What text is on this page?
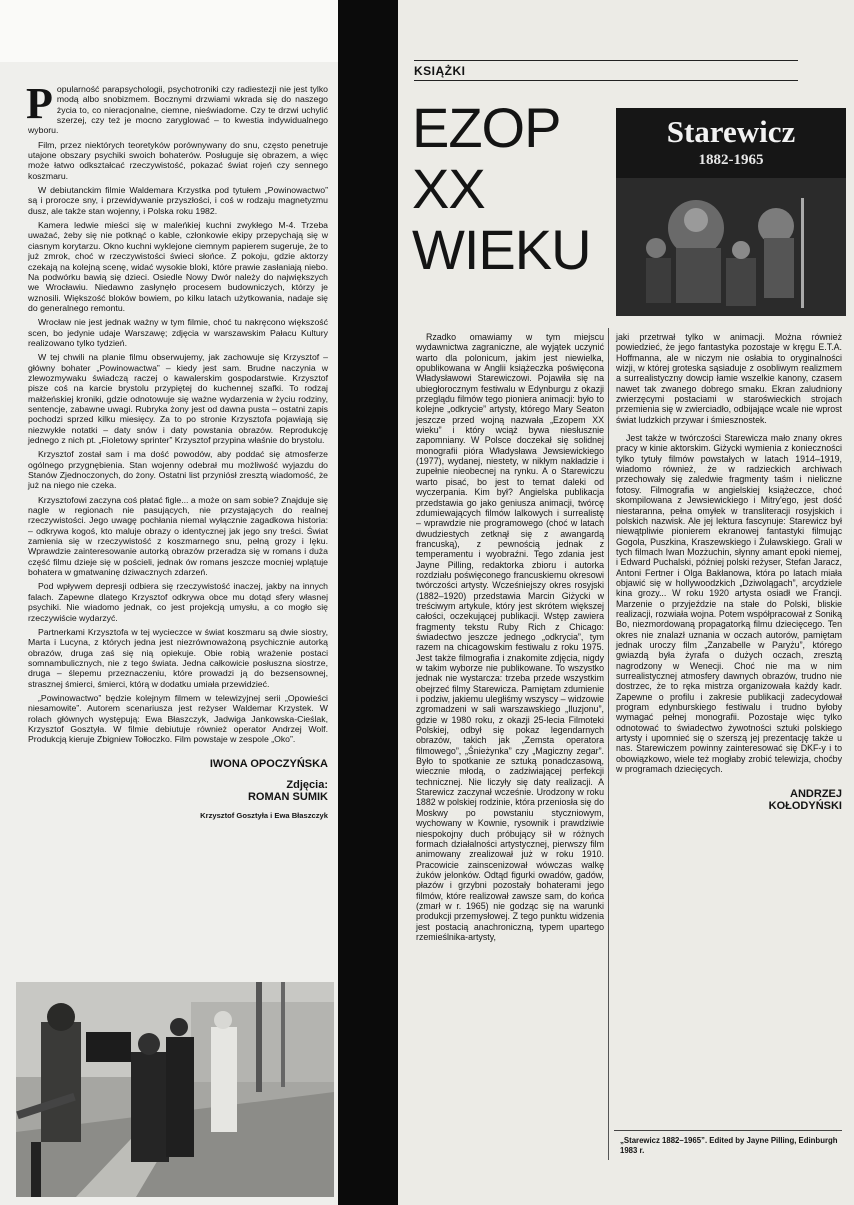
Popularność parapsychologii, psychotroniki czy radiestezji nie jest tylko modą albo snobizmem. Bocznymi drzwiami wkrada się do naszego życia to, co nieracjonalne, ciemne, nieświadome. Czy te drzwi uchylić szerzej, czy też je mocno zaryglować – to kwestia indywidualnego wyboru.

Film, przez niektórych teoretyków porównywany do snu, często penetruje utajone obszary psychiki swoich bohaterów. Posługuje się obrazem, a więc może łatwo odkształcać rzeczywistość, pokazać świat rojeń czy sennego koszmaru.

W debiutanckim filmie Waldemara Krzystka pod tytułem „Powinowactwo” są i prorocze sny, i przewidywanie przyszłości, i coś w rodzaju magnetyzmu dusz, ale także stan wojenny, i Polska roku 1982.

Kamera ledwie mieści się w maleńkiej kuchni zwykłego M-4. Trzeba uważać, żeby się nie potknąć o kable, członkowie ekipy przepychają się w ciasnym korytarzu. Okno kuchni wyklejone ciemnym papierem sugeruje, że to już zmrok, choć w rzeczywistości świeci słońce. Z pokoju, gdzie aktorzy czekają na kolejną scenę, widać wysokie bloki, które prawie zasłaniają niebo. Na podwórku bawią się dzieci. Osiedle Nowy Dwór należy do największych we Wrocławiu. Niedawno zasłynęło procesem budowniczych, którzy je wznosili. Większość bloków bowiem, po kilku latach użytkowania, nadaje się do generalnego remontu.

Wrocław nie jest jednak ważny w tym filmie, choć tu nakręcono większość scen, bo jedynie udaje Warszawę; zdjęcia w warszawskim Pałacu Kultury realizowano tylko tydzień.

W tej chwili na planie filmu obserwujemy, jak zachowuje się Krzysztof – główny bohater „Powinowactwa” – kiedy jest sam. Brudne naczynia w zlewozmywaku świadczą raczej o kawalerskim gospodarstwie. Krzysztof pisze coś na karcie brystolu przypiętej do kuchennej szafki. To rodzaj małżeńskiej kroniki, gdzie odnotowuje się ważne wydarzenia w życiu rodziny, sentencje, zabawne uwagi. Rubryka żony jest od dawna pusta – ostatni zapis pochodzi sprzed kilku miesięcy. Za to po stronie Krzysztofa pojawiają się niezwykłe notatki – daty snów i daty powstania obrazów. Reprodukcję jednego z nich pt. „Fioletowy sprinter” Krzysztof przypina właśnie do brystolu.

Krzysztof został sam i ma dość powodów, aby poddać się atmosferze ogólnego przygnębienia. Stan wojenny odebrał mu możliwość wyjazdu do Stanów Zjednoczonych, do żony. Ostatni list przyniósł zresztą wiadomość, że już na niego nie czeka.

Krzysztofowi zaczyna coś płatać figle... a może on sam sobie? Znajduje się nagle w regionach nie pasujących, nie przystających do realnej rzeczywistości. Jego uwagę pochłania niemal wyłącznie zagadkowa historia: – odkrywa kogoś, kto maluje obrazy o identycznej jak jego sny treści. Świat zamienia się w rzeczywistość z koszmarnego snu, pełną grozy i lęku. Wprawdzie zainteresowanie autorką obrazów przeradza się w romans i duża część filmu dzieje się w pościeli, jednak ów romans jeszcze mocniej wplątuje bohatera w gmatwaninę dziwacznych zdarzeń.

Pod wpływem depresji odbiera się rzeczywistość inaczej, jakby na innych falach. Zapewne dlatego Krzysztof odkrywa obce mu dotąd sfery własnej psychiki. Nie wiadomo jednak, co jest projekcją umysłu, a co mogło się rzeczywiście wydarzyć.

Partnerkami Krzysztofa w tej wycieczce w świat koszmaru są dwie siostry, Marta i Lucyna, z których jedna jest niezrównoważoną psychicznie autorką obrazów, druga zaś się nią opiekuje. Obie robią wrażenie postaci somnambulicznych, nie z tego świata. Jedna całkowicie posłuszna siostrze, druga – ślepemu przeznaczeniu, które prowadzi ją do bezsensownej, strasznej śmierci, śmierci, którą w dodatku umiała przewidzieć.

„Powinowactwo” będzie kolejnym filmem w telewizyjnej serii „Opowieści niesamowite”. Autorem scenariusza jest reżyser Waldemar Krzystek. W rolach głównych występują: Ewa Błaszczyk, Jadwiga Jankowska-Cieślak, Krzysztof Gosztyła. W filmie debiutuje również operator Andrzej Wolf. Produkcją kieruje Zbigniew Tołłoczko. Film powstaje w zespole „Oko”.

IWONA OPOCZYŃSKA
Zdjęcia:
ROMAN SUMIK
Krzysztof Gosztyła i Ewa Błaszczyk
KSIĄŻKI
EZOP
XX
WIEKU
Starewicz
1882-1965

Rzadko omawiamy w tym miejscu wydawnictwa zagraniczne, ale wyjątek uczynić warto dla polonicum, jakim jest niewielka, opublikowana w Anglii książeczka poświęcona Władysławowi Starewiczowi. Pojawiła się na ubiegłorocznym festiwalu w Edynburgu z okazji przeglądu filmów tego pioniera animacji: było to kolejne „odkrycie” artysty, którego Mary Seaton jeszcze przed wojną nazwała „Ezopem XX wieku” i który wciąż bywa niesłusznie zapomniany. W Polsce doczekał się solidnej monografii pióra Władysława Jewsiewickiego (1977), wydanej, niestety, w nikłym nakładzie i zupełnie nieobecnej na rynku. A o Starewiczu warto pisać, bo jest to temat daleki od wyczerpania. Kim był? Angielska publikacja przedstawia go jako geniusza animacji, twórcę zdumiewających filmów lalkowych i surrealistę – wprawdzie nie programowego (choć w latach dwudziestych zetknął się z awangardą francuską), z pewnością jednak z temperamentu i wyobraźni. Tego zdania jest Jayne Pilling, redaktorka zbioru i autorka rozdziału poświęconego francuskiemu okresowi twórczości artysty. Wcześniejszy okres rosyjski (1882–1920) przedstawia Marcin Giżycki w treściwym artykule, który jest skrótem większej całości, oczekującej publikacji. Wstęp zawiera fragmenty tekstu Ruby Rich z Chicago: świadectwo jeszcze jednego „odkrycia”, tym razem na chicagowskim festiwalu z roku 1975. Jest także filmografia i znakomite zdjęcia, nigdy w takim wyborze nie publikowane. To wszystko jednak nie wystarcza: trzeba przede wszystkim obejrzeć filmy Starewicza. Pamiętam zdumienie i podziw, jakiemu uległiśmy wszyscy – widzowie zgromadzeni w sali warszawskiego „Iluzjonu”, gdzie w 1980 roku, z okazji 25-lecia Filmoteki Polskiej, odbył się pokaz legendarnych obrazów, takich jak „Zemsta operatora filmowego”, „Śnieżynka” czy „Magiczny zegar”. Było to spotkanie ze sztuką ponadczasową, wiecznie młodą, o zadziwiającej perfekcji technicznej. Nie liczyły się daty realizacji. A Starewicz zaczynał wcześnie. Urodzony w roku 1882 w polskiej rodzinie, która przeniosła się do Moskwy po powstaniu styczniowym, wychowany w Kownie, rysownik i prawdziwie niespokojny duch próbujący sił w różnych formach działalności artystycznej, pierwszy film animowany zrealizował już w roku 1910. Pracowicie zainscenizował wówczas walkę żuków jelonków. Odtąd figurki owadów, gadów, płazów i grzybni pozostały bohaterami jego filmów, które realizował zawsze sam, do końca (zmarł w r. 1965) nie godząc się na warunki produkcji przemysłowej. Z tego punktu widzenia jest postacią anachroniczną, typem upartego rzemieślnika-artysty,

jaki przetrwał tylko w animacji. Można również powiedzieć, że jego fantastyka pozostaje w kręgu E.T.A. Hoffmanna, ale w niczym nie osłabia to oryginalności wizji, w której groteska sąsiaduje z osobliwym realizmem a surrealistyczny dowcip łamie wszelkie kanony, czasem nawet tak zwanego dobrego smaku. Ekran zaludniony zwierzęcymi postaciami w staroświeckich strojach przemienia się w zwierciadło, odbijające wcale nie wprost świat ludzkich przywar i śmiesznostek.

Jest także w twórczości Starewicza mało znany okres pracy w kinie aktorskim. Giżycki wymienia z konieczności tylko tytuły filmów powstałych w latach 1914–1919, wiadomo również, że w radzieckich archiwach przechowały się zaledwie fragmenty taśm i nieliczne fotosy. Filmografia w angielskiej książeczce, choć skompilowana z Jewsiewickiego i Mitry'ego, jest dość niestaranna, pełna omyłek w transliteracji rosyjskich i polskich nazwisk. Ale jej lektura fascynuje: Starewicz był niewątpliwie pionierem ekranowej fantastyki filmując Gogola, Puszkina, Kraszewskiego i Żuławskiego. Grali w tych filmach Iwan Mozżuchin, słynny amant epoki niemej, i Edward Puchalski, później polski reżyser, Stefan Jaracz, Antoni Fertner i Olga Bakłanowa, która po latach miała objawić się w hollywoodzkich „Dziwolągach”, arcydziele kina grozy... W roku 1920 artysta osiadł we Francji. Marzenie o przyjeździe na stałe do Polski, bliskie realizacji, rozwiała wojna. Potem współpracował z Soniką Bo, niezmordowaną propagatorką filmu dziecięcego. Ten okres nie znalazł uznania w oczach autorów, pamiętam jednak uroczy film „Zanzabelle w Paryżu”, którego gwiazdą była żyrafa o dużych oczach, zresztą nagrodzony w Wenecji. Choć nie ma w nim surrealistycznej atmosfery dawnych obrazów, trudno nie dostrzec, że to ręka mistrza organizowała każdy kadr. Zapewne o profilu i zakresie publikacji zadecydował program edynburskiego festiwalu i trudno byłoby wymagać pełnej monografii. Pozostaje więc tylko odnotować to świadectwo żywotności sztuki polskiego artysty i upomnieć się o szerszą jej prezentację także u nas. Starewiczem powinny zainteresować się DKF-y i to obowiązkowo, wiele też mogłaby zrobić telewizja, choćby w programach dziecięcych.

ANDRZEJ
KOŁODYŃSKI
„Starewicz 1882–1965”. Edited by Jayne Pilling, Edinburgh 1983 r.
